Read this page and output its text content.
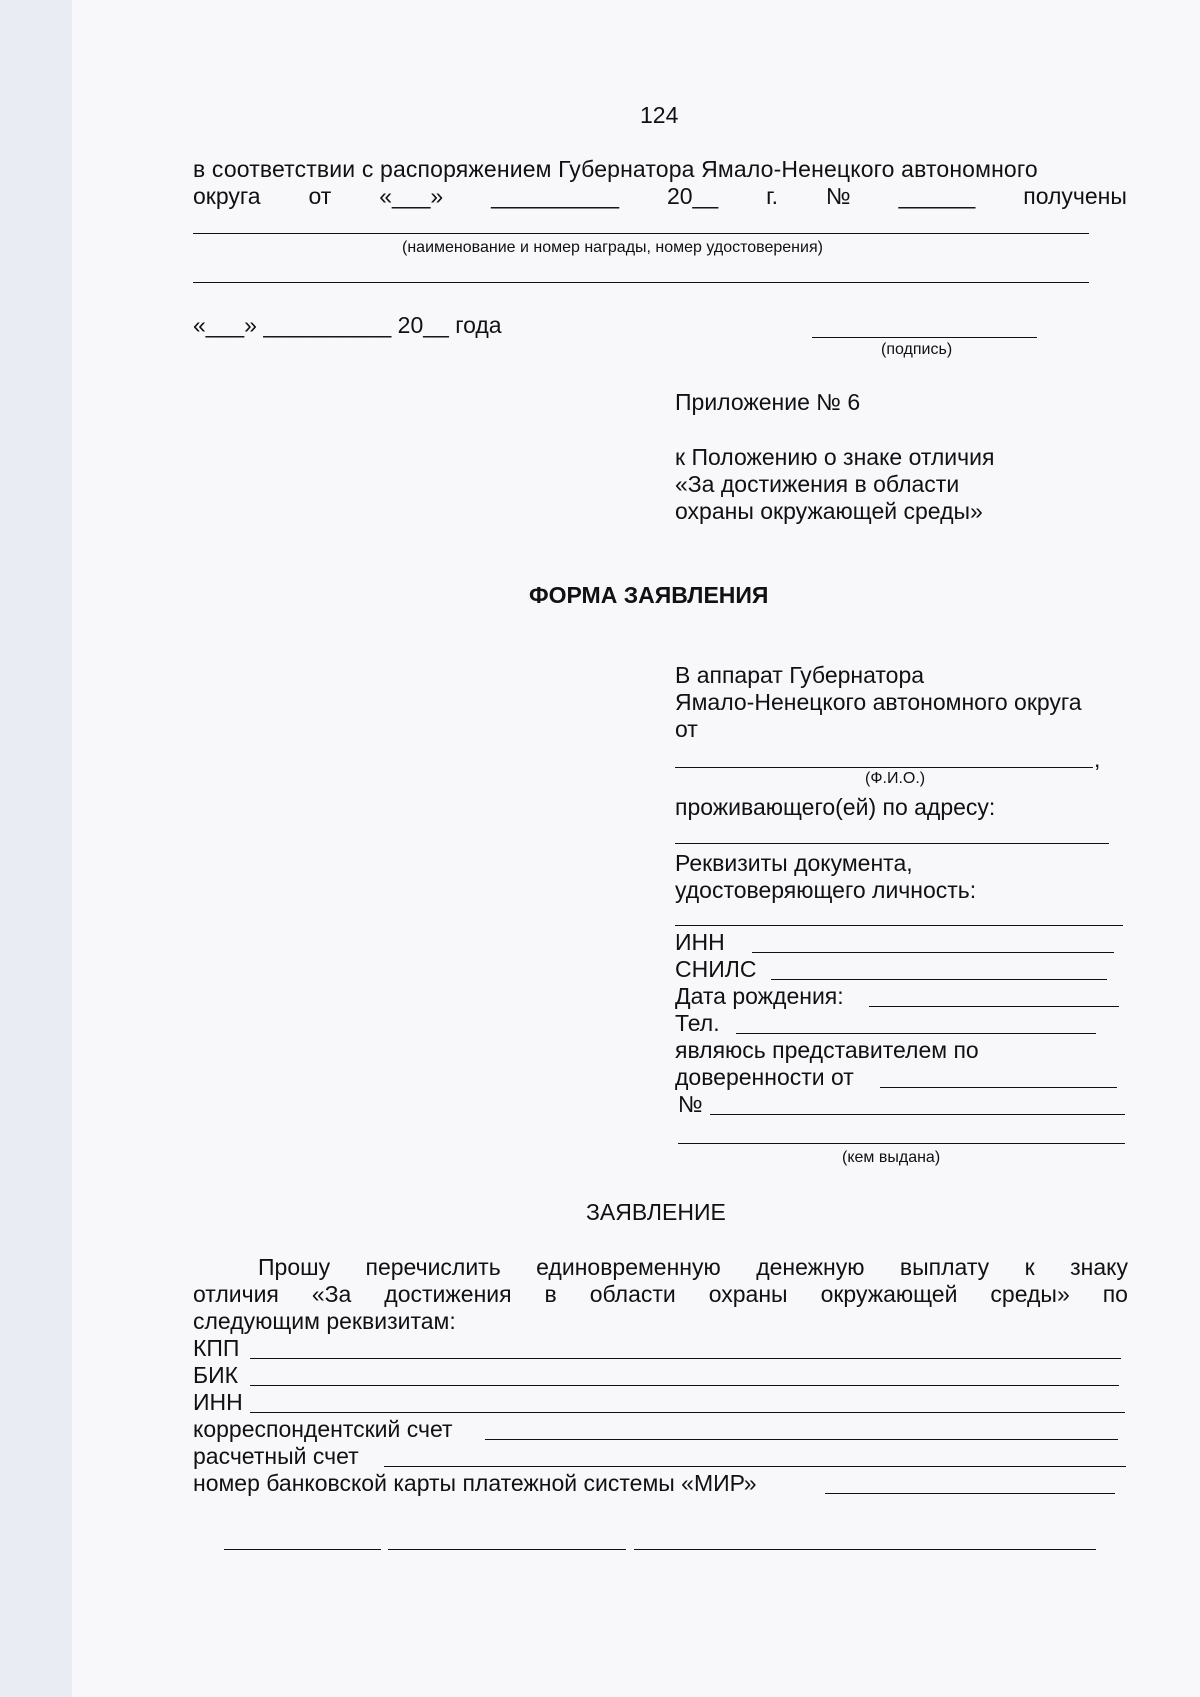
124
в соответствии с распоряжением Губернатора Ямало-Ненецкого автономного
округа от «___» __________ 20__ г. № ______ получены
(наименование и номер награды, номер удостоверения)
«___» __________ 20__ года
(подпись)
Приложение № 6
к Положению о знаке отличия
«За достижения в области
охраны окружающей среды»
ФОРМА ЗАЯВЛЕНИЯ
В аппарат Губернатора
Ямало-Ненецкого автономного округа
от
,
(Ф.И.О.)
проживающего(ей) по адресу:
Реквизиты документа,
удостоверяющего личность:
ИНН
СНИЛС
Дата рождения:
Тел.
являюсь представителем по
доверенности от
№
(кем выдана)
ЗАЯВЛЕНИЕ
Прошу перечислить единовременную денежную выплату к знаку
отличия «За достижения в области охраны окружающей среды» по
следующим реквизитам:
КПП
БИК
ИНН
корреспондентский счет
расчетный счет
номер банковской карты платежной системы «МИР»
